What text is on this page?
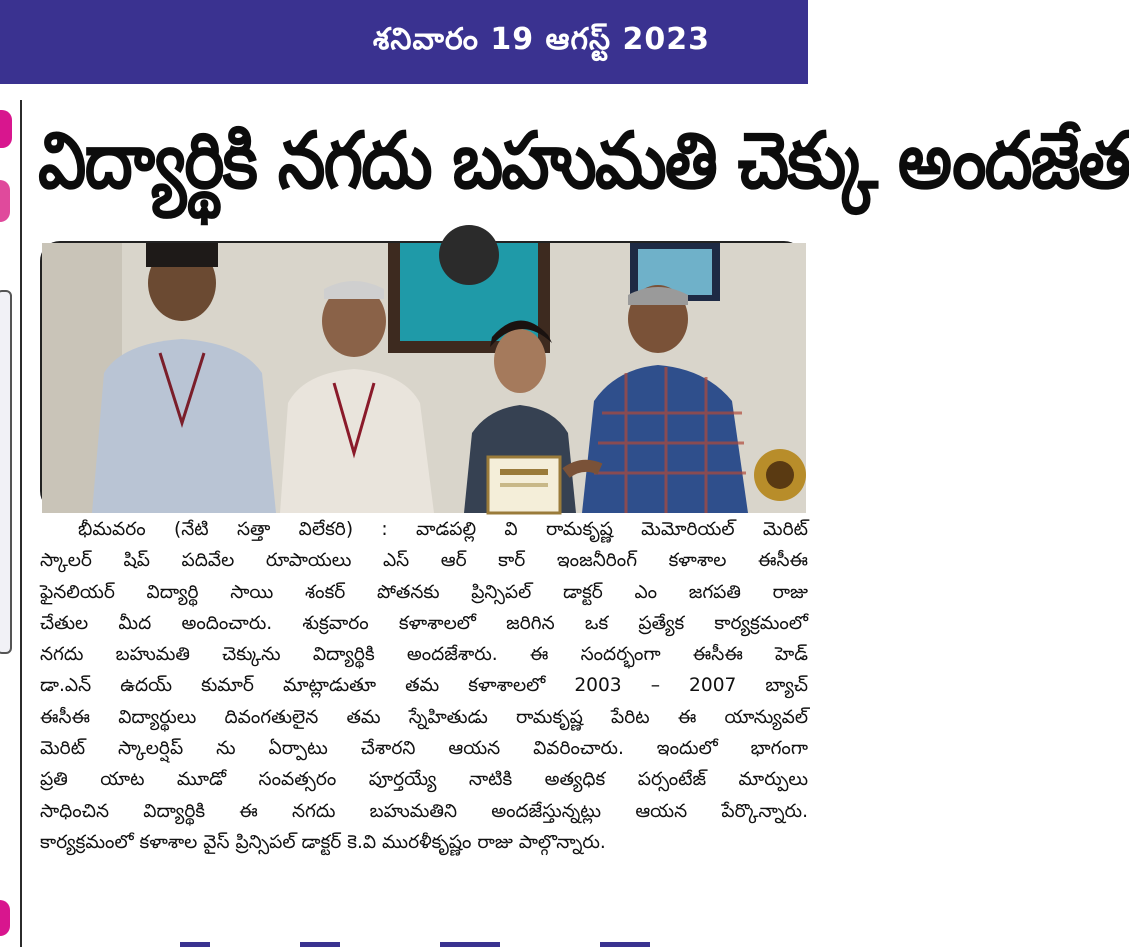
శనివారం 19 ఆగస్ట్ 2023
విద్యార్థికి నగదు బహుమతి చెక్కు అందజేత
భీమవరం (నేటి సత్తా విలేకరి) : వాడపల్లి వి రామకృష్ణ మెమోరియల్ మెరిట్
స్కాలర్ షిప్ పదివేల రూపాయలు ఎస్ ఆర్ కార్ ఇంజనీరింగ్ కళాశాల ఈసీఈ
ఫైనలియర్ విద్యార్థి సాయి శంకర్ పోతనకు ప్రిన్సిపల్ డాక్టర్ ఎం జగపతి రాజు
చేతుల మీద అందించారు. శుక్రవారం కళాశాలలో జరిగిన ఒక ప్రత్యేక కార్యక్రమంలో
నగదు బహుమతి చెక్కును విద్యార్థికి అందజేశారు. ఈ సందర్భంగా ఈసీఈ హెడ్
డా.ఎన్ ఉదయ్ కుమార్ మాట్లాడుతూ తమ కళాశాలలో 2003 – 2007 బ్యాచ్
ఈసీఈ విద్యార్థులు దివంగతులైన తమ స్నేహితుడు రామకృష్ణ పేరిట ఈ యాన్యువల్
మెరిట్ స్కాలర్షిప్ ను ఏర్పాటు చేశారని ఆయన వివరించారు. ఇందులో భాగంగా
ప్రతి యాట మూడో సంవత్సరం పూర్తయ్యే నాటికి అత్యధిక పర్సంటేజ్ మార్పులు
సాధించిన విద్యార్థికి ఈ నగదు బహుమతిని అందజేస్తున్నట్లు ఆయన పేర్కొన్నారు.
కార్యక్రమంలో కళాశాల వైస్ ప్రిన్సిపల్ డాక్టర్ కె.వి మురళీకృష్ణం రాజు పాల్గొన్నారు.
